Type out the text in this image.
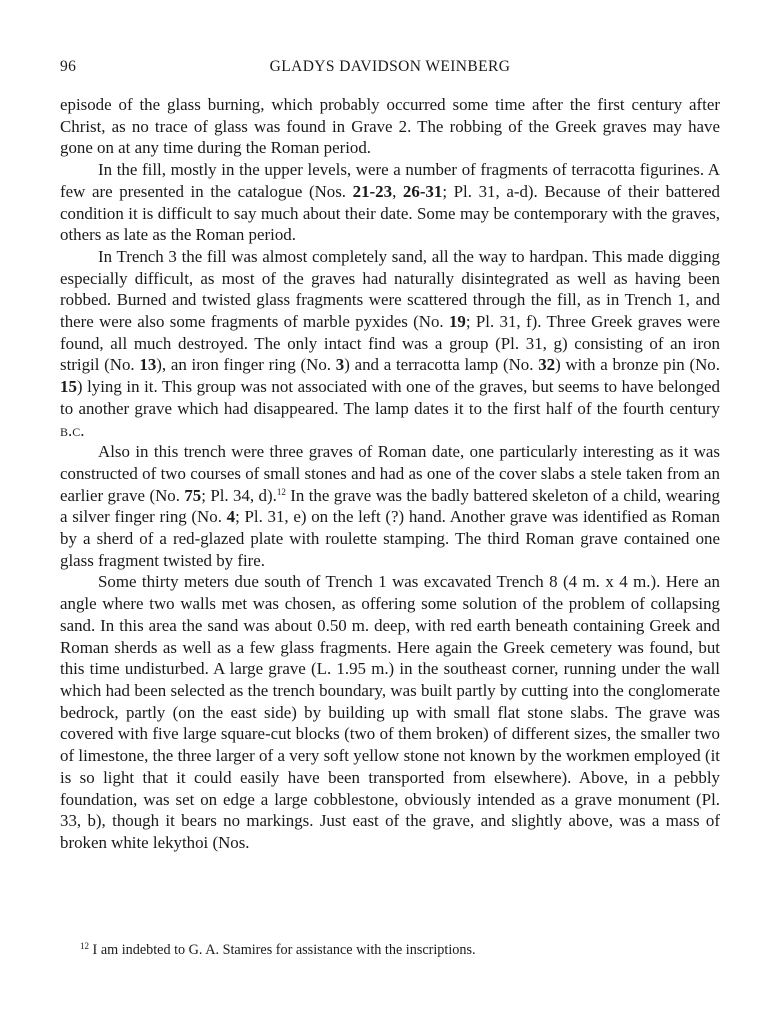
96	GLADYS DAVIDSON WEINBERG

episode of the glass burning, which probably occurred some time after the first century after Christ, as no trace of glass was found in Grave 2. The robbing of the Greek graves may have gone on at any time during the Roman period.

In the fill, mostly in the upper levels, were a number of fragments of terracotta figurines. A few are presented in the catalogue (Nos. 21-23, 26-31; Pl. 31, a-d). Because of their battered condition it is difficult to say much about their date. Some may be contemporary with the graves, others as late as the Roman period.

In Trench 3 the fill was almost completely sand, all the way to hardpan. This made digging especially difficult, as most of the graves had naturally disintegrated as well as having been robbed. Burned and twisted glass fragments were scattered through the fill, as in Trench 1, and there were also some fragments of marble pyxides (No. 19; Pl. 31, f). Three Greek graves were found, all much destroyed. The only intact find was a group (Pl. 31, g) consisting of an iron strigil (No. 13), an iron finger ring (No. 3) and a terracotta lamp (No. 32) with a bronze pin (No. 15) lying in it. This group was not associated with one of the graves, but seems to have belonged to another grave which had disappeared. The lamp dates it to the first half of the fourth century b.c.

Also in this trench were three graves of Roman date, one particularly interesting as it was constructed of two courses of small stones and had as one of the cover slabs a stele taken from an earlier grave (No. 75; Pl. 34, d).$^{12}$ In the grave was the badly battered skeleton of a child, wearing a silver finger ring (No. 4; Pl. 31, e) on the left (?) hand. Another grave was identified as Roman by a sherd of a red-glazed plate with roulette stamping. The third Roman grave contained one glass fragment twisted by fire.

Some thirty meters due south of Trench 1 was excavated Trench 8 (4 m. x 4 m.). Here an angle where two walls met was chosen, as offering some solution of the problem of collapsing sand. In this area the sand was about 0.50 m. deep, with red earth beneath containing Greek and Roman sherds as well as a few glass fragments. Here again the Greek cemetery was found, but this time undisturbed. A large grave (L. 1.95 m.) in the southeast corner, running under the wall which had been selected as the trench boundary, was built partly by cutting into the conglomerate bedrock, partly (on the east side) by building up with small flat stone slabs. The grave was covered with five large square-cut blocks (two of them broken) of different sizes, the smaller two of limestone, the three larger of a very soft yellow stone not known by the workmen employed (it is so light that it could easily have been transported from elsewhere). Above, in a pebbly foundation, was set on edge a large cobblestone, obviously intended as a grave monument (Pl. 33, b), though it bears no markings. Just east of the grave, and slightly above, was a mass of broken white lekythoi (Nos.

$^{12}$ I am indebted to G. A. Stamires for assistance with the inscriptions.
